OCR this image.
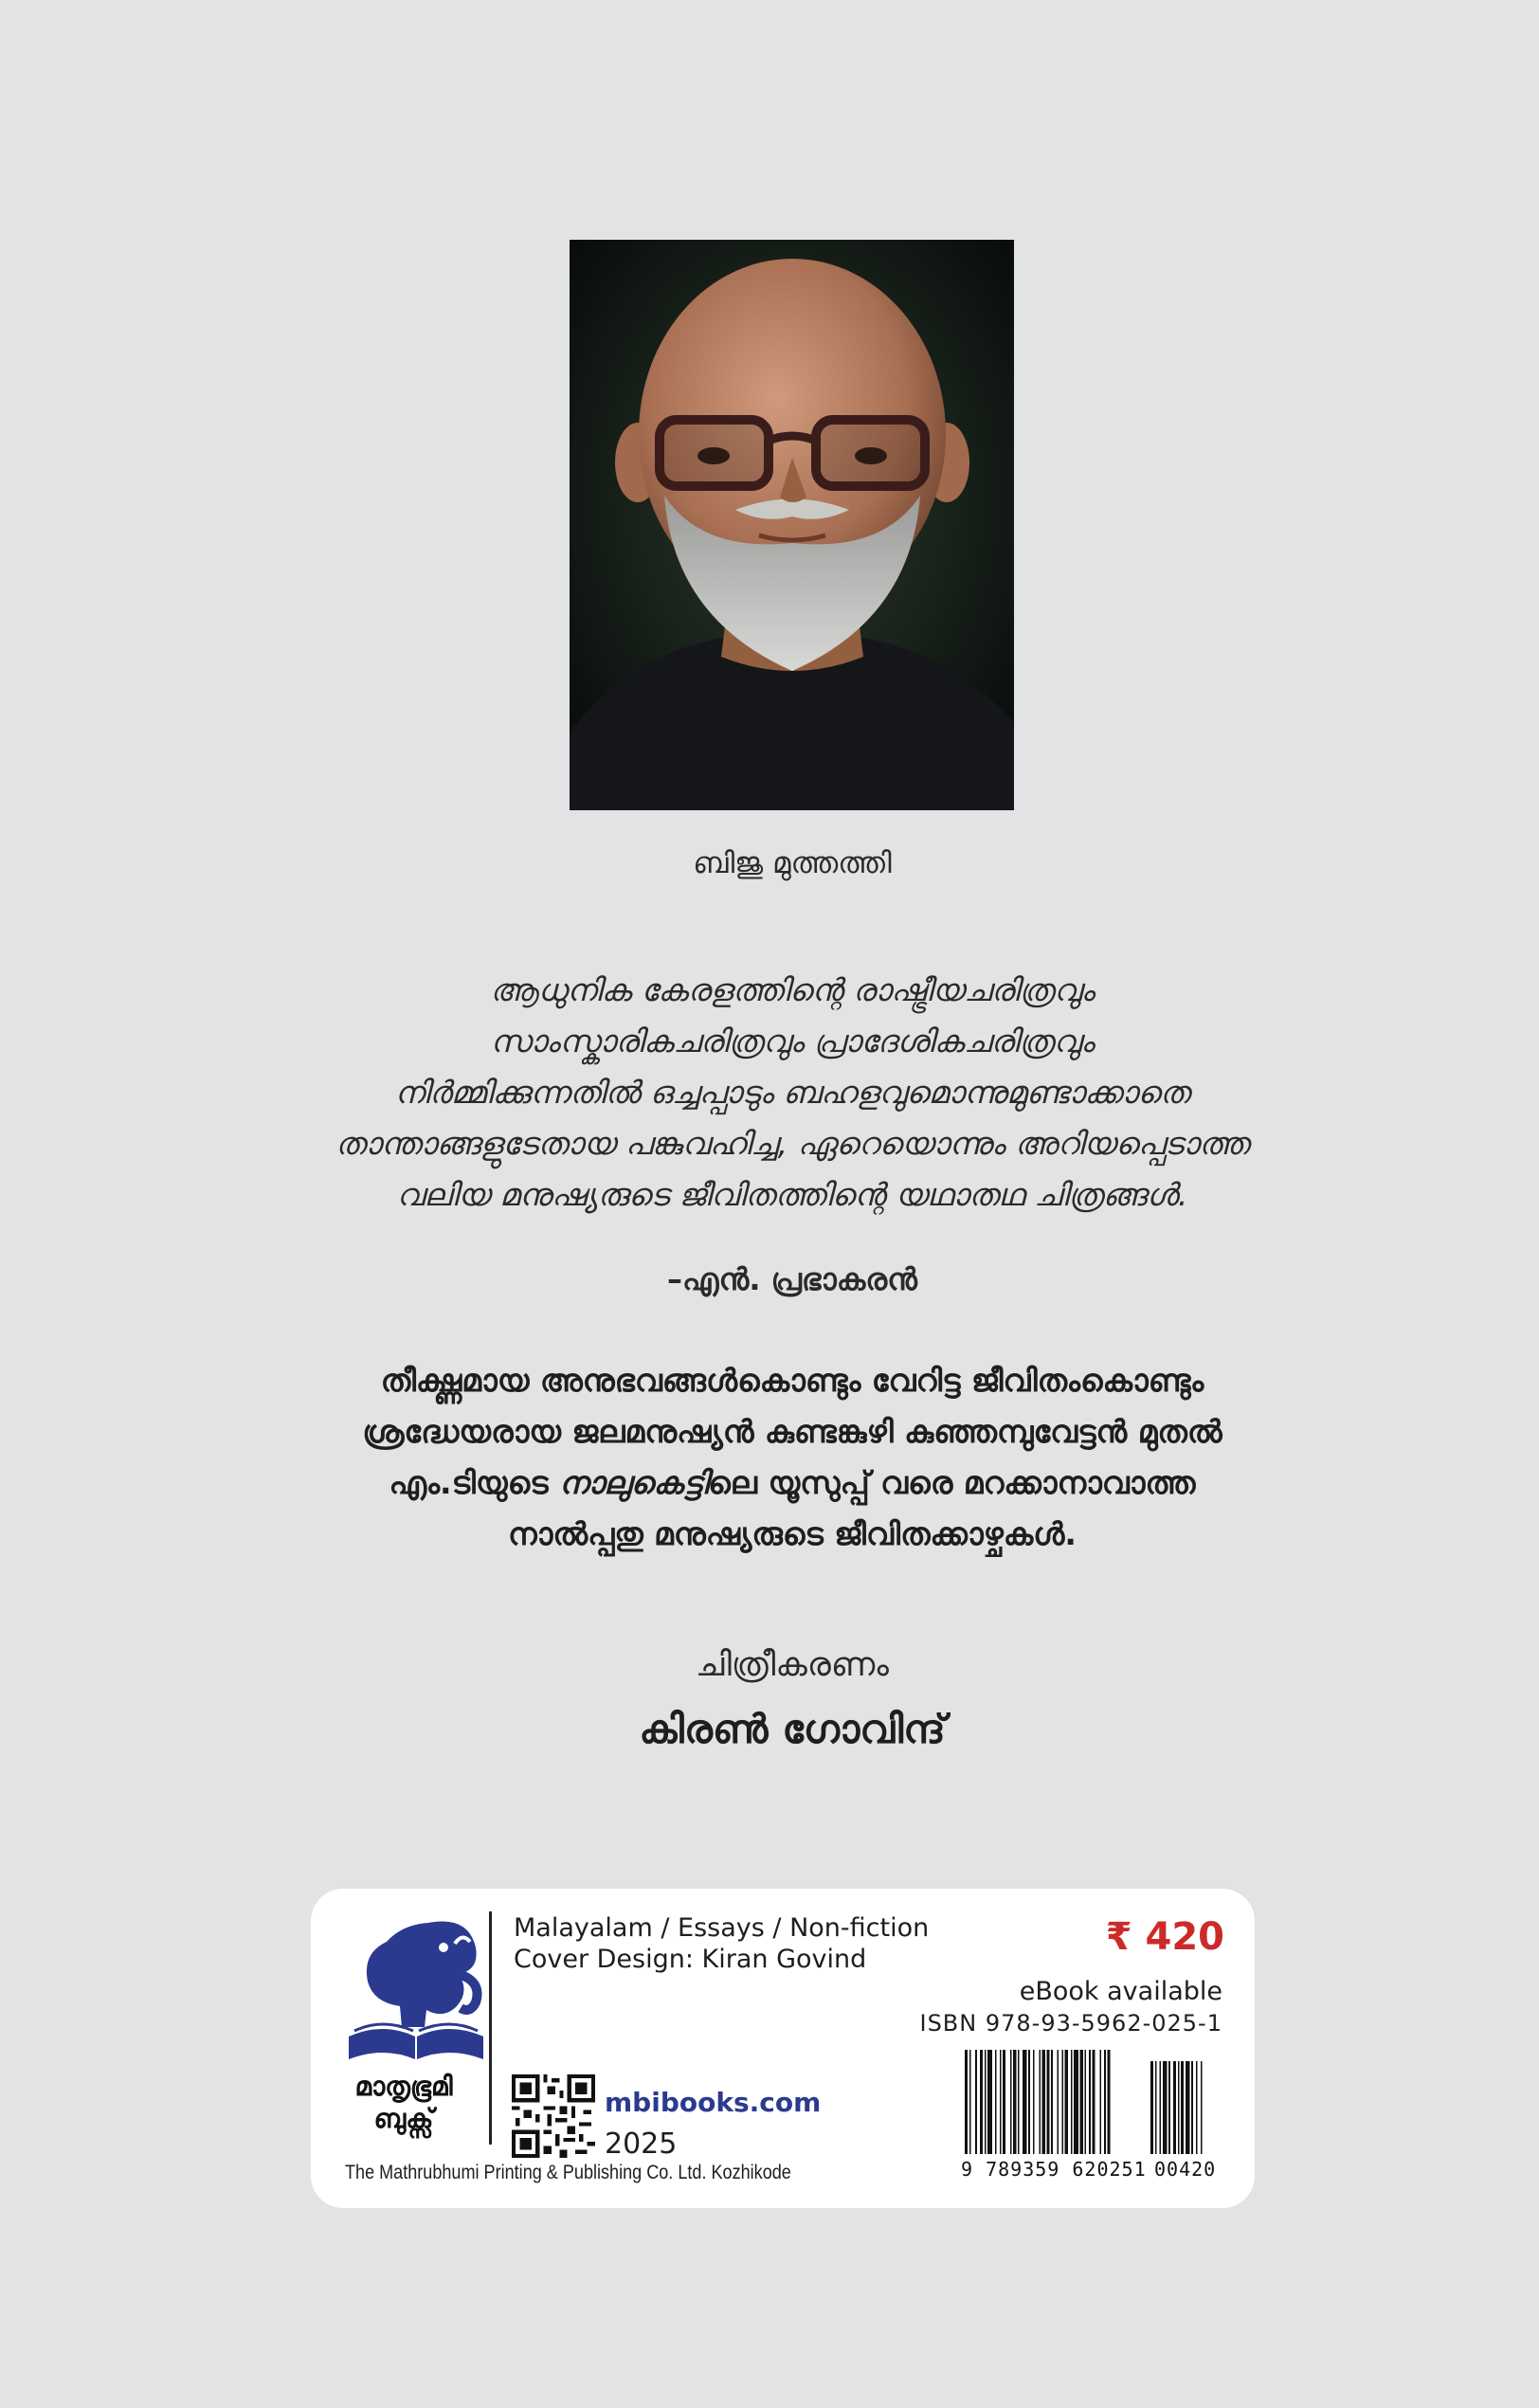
ബിജു മുത്തത്തി

ആധുനിക കേരളത്തിന്റെ രാഷ്ട്രീയചരിത്രവും
സാംസ്കാരികചരിത്രവും പ്രാദേശികചരിത്രവും
നിർമ്മിക്കുന്നതിൽ ഒച്ചപ്പാടും ബഹളവുമൊന്നുമുണ്ടാക്കാതെ
താന്താങ്ങളുടേതായ പങ്കുവഹിച്ച, ഏറെയൊന്നും അറിയപ്പെടാത്ത
വലിയ മനുഷ്യരുടെ ജീവിതത്തിന്റെ യഥാതഥ ചിത്രങ്ങൾ.

–എൻ. പ്രഭാകരൻ

തീക്ഷ്ണമായ അനുഭവങ്ങൾകൊണ്ടും വേറിട്ട ജീവിതംകൊണ്ടും
ശ്രദ്ധേയരായ ജലമനുഷ്യൻ കുണ്ടങ്കുഴി കുഞ്ഞമ്പുവേട്ടൻ മുതൽ
എം.ടിയുടെ നാലുകെട്ടിലെ യൂസുപ്പ് വരെ മറക്കാനാവാത്ത
നാൽപ്പതു മനുഷ്യരുടെ ജീവിതക്കാഴ്ചകൾ.

ചിത്രീകരണം
കിരൺ ഗോവിന്ദ്
മാതൃഭൂമി
ബുക്സ്
Malayalam / Essays / Non-fiction
Cover Design: Kiran Govind
mbibooks.com
2025
The Mathrubhumi Printing & Publishing Co. Ltd. Kozhikode
₹ 420
eBook available
ISBN 978-93-5962-025-1
9 789359 620251 00420
